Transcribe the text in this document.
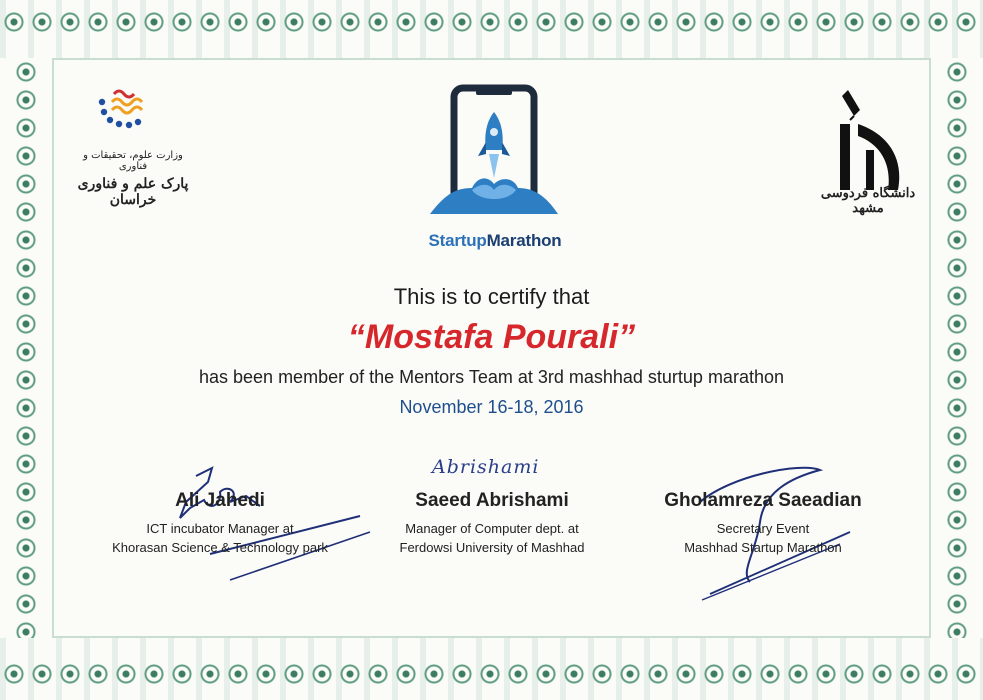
وزارت علوم، تحقیقات و فناوری
پارک علم و فناوری خراسان	دانشگاه فردوسی مشهد
StartupMarathon
This is to certify that
“Mostafa Pourali”
has been member of the Mentors Team at 3rd mashhad sturtup marathon
November 16-18, 2016
Abrishami
Ali Jahedi
ICT incubator Manager at
Khorasan Science & Technology park
Saeed Abrishami
Manager of Computer dept. at
Ferdowsi University of Mashhad
Gholamreza Saeadian
Secretary Event
Mashhad Startup Marathon
